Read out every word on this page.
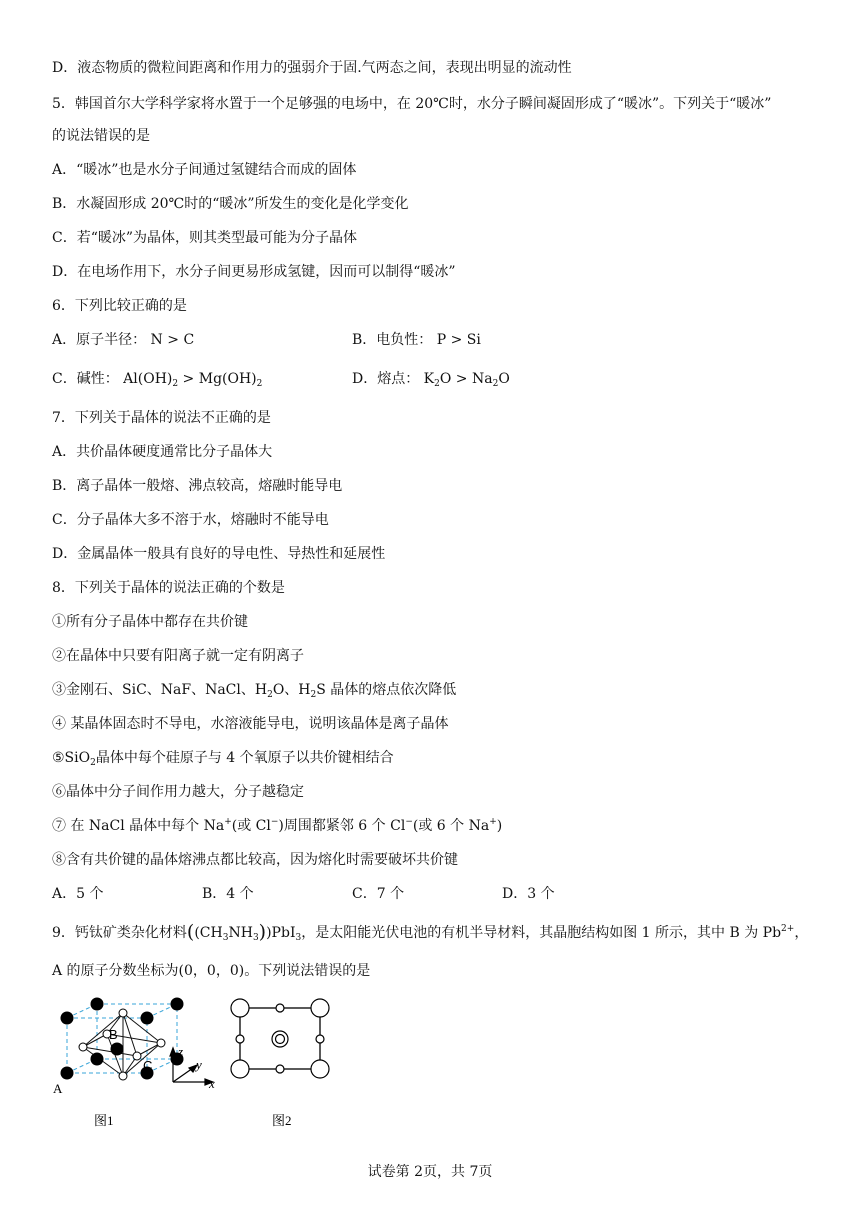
D．液态物质的微粒间距离和作用力的强弱介于固.气两态之间，表现出明显的流动性
5．韩国首尔大学科学家将水置于一个足够强的电场中，在 20℃时，水分子瞬间凝固形成了“暖冰”。下列关于“暖冰”
的说法错误的是
A．“暖冰”也是水分子间通过氢键结合而成的固体
B．水凝固形成 20℃时的“暖冰”所发生的变化是化学变化
C．若“暖冰”为晶体，则其类型最可能为分子晶体
D．在电场作用下，水分子间更易形成氢键，因而可以制得“暖冰”
6．下列比较正确的是
A．原子半径： N > C	B．电负性： P > Si
C．碱性： $Al(OH)_2 > Mg(OH)_2$	D．熔点： $K_2O > Na_2O$
7．下列关于晶体的说法不正确的是
A．共价晶体硬度通常比分子晶体大
B．离子晶体一般熔、沸点较高，熔融时能导电
C．分子晶体大多不溶于水，熔融时不能导电
D．金属晶体一般具有良好的导电性、导热性和延展性
8．下列关于晶体的说法正确的个数是
①所有分子晶体中都存在共价键
②在晶体中只要有阳离子就一定有阴离子
③金刚石、SiC、NaF、NaCl、$H_2O$、$H_2S$ 晶体的熔点依次降低
④ 某晶体固态时不导电，水溶液能导电，说明该晶体是离子晶体
⑤SiO$_2$晶体中每个硅原子与 4 个氧原子以共价键相结合
⑥晶体中分子间作用力越大，分子越稳定
⑦ 在 NaCl 晶体中每个 Na+(或 Cl−)周围都紧邻 6 个 Cl−(或 6 个 Na+)
⑧含有共价键的晶体熔沸点都比较高，因为熔化时需要破坏共价键
A．5 个	B．4 个	C．7 个	D．3 个
9．钙钛矿类杂化材料$((CH_3NH_3))PbI_3$，是太阳能光伏电池的有机半导材料，其晶胞结构如图 1 所示，其中 B 为 $Pb^{2+}$，
A 的原子分数坐标为(0，0，0)。下列说法错误的是
B
C
A
z
y
x
图1	图2
试卷第 2页，共 7页
